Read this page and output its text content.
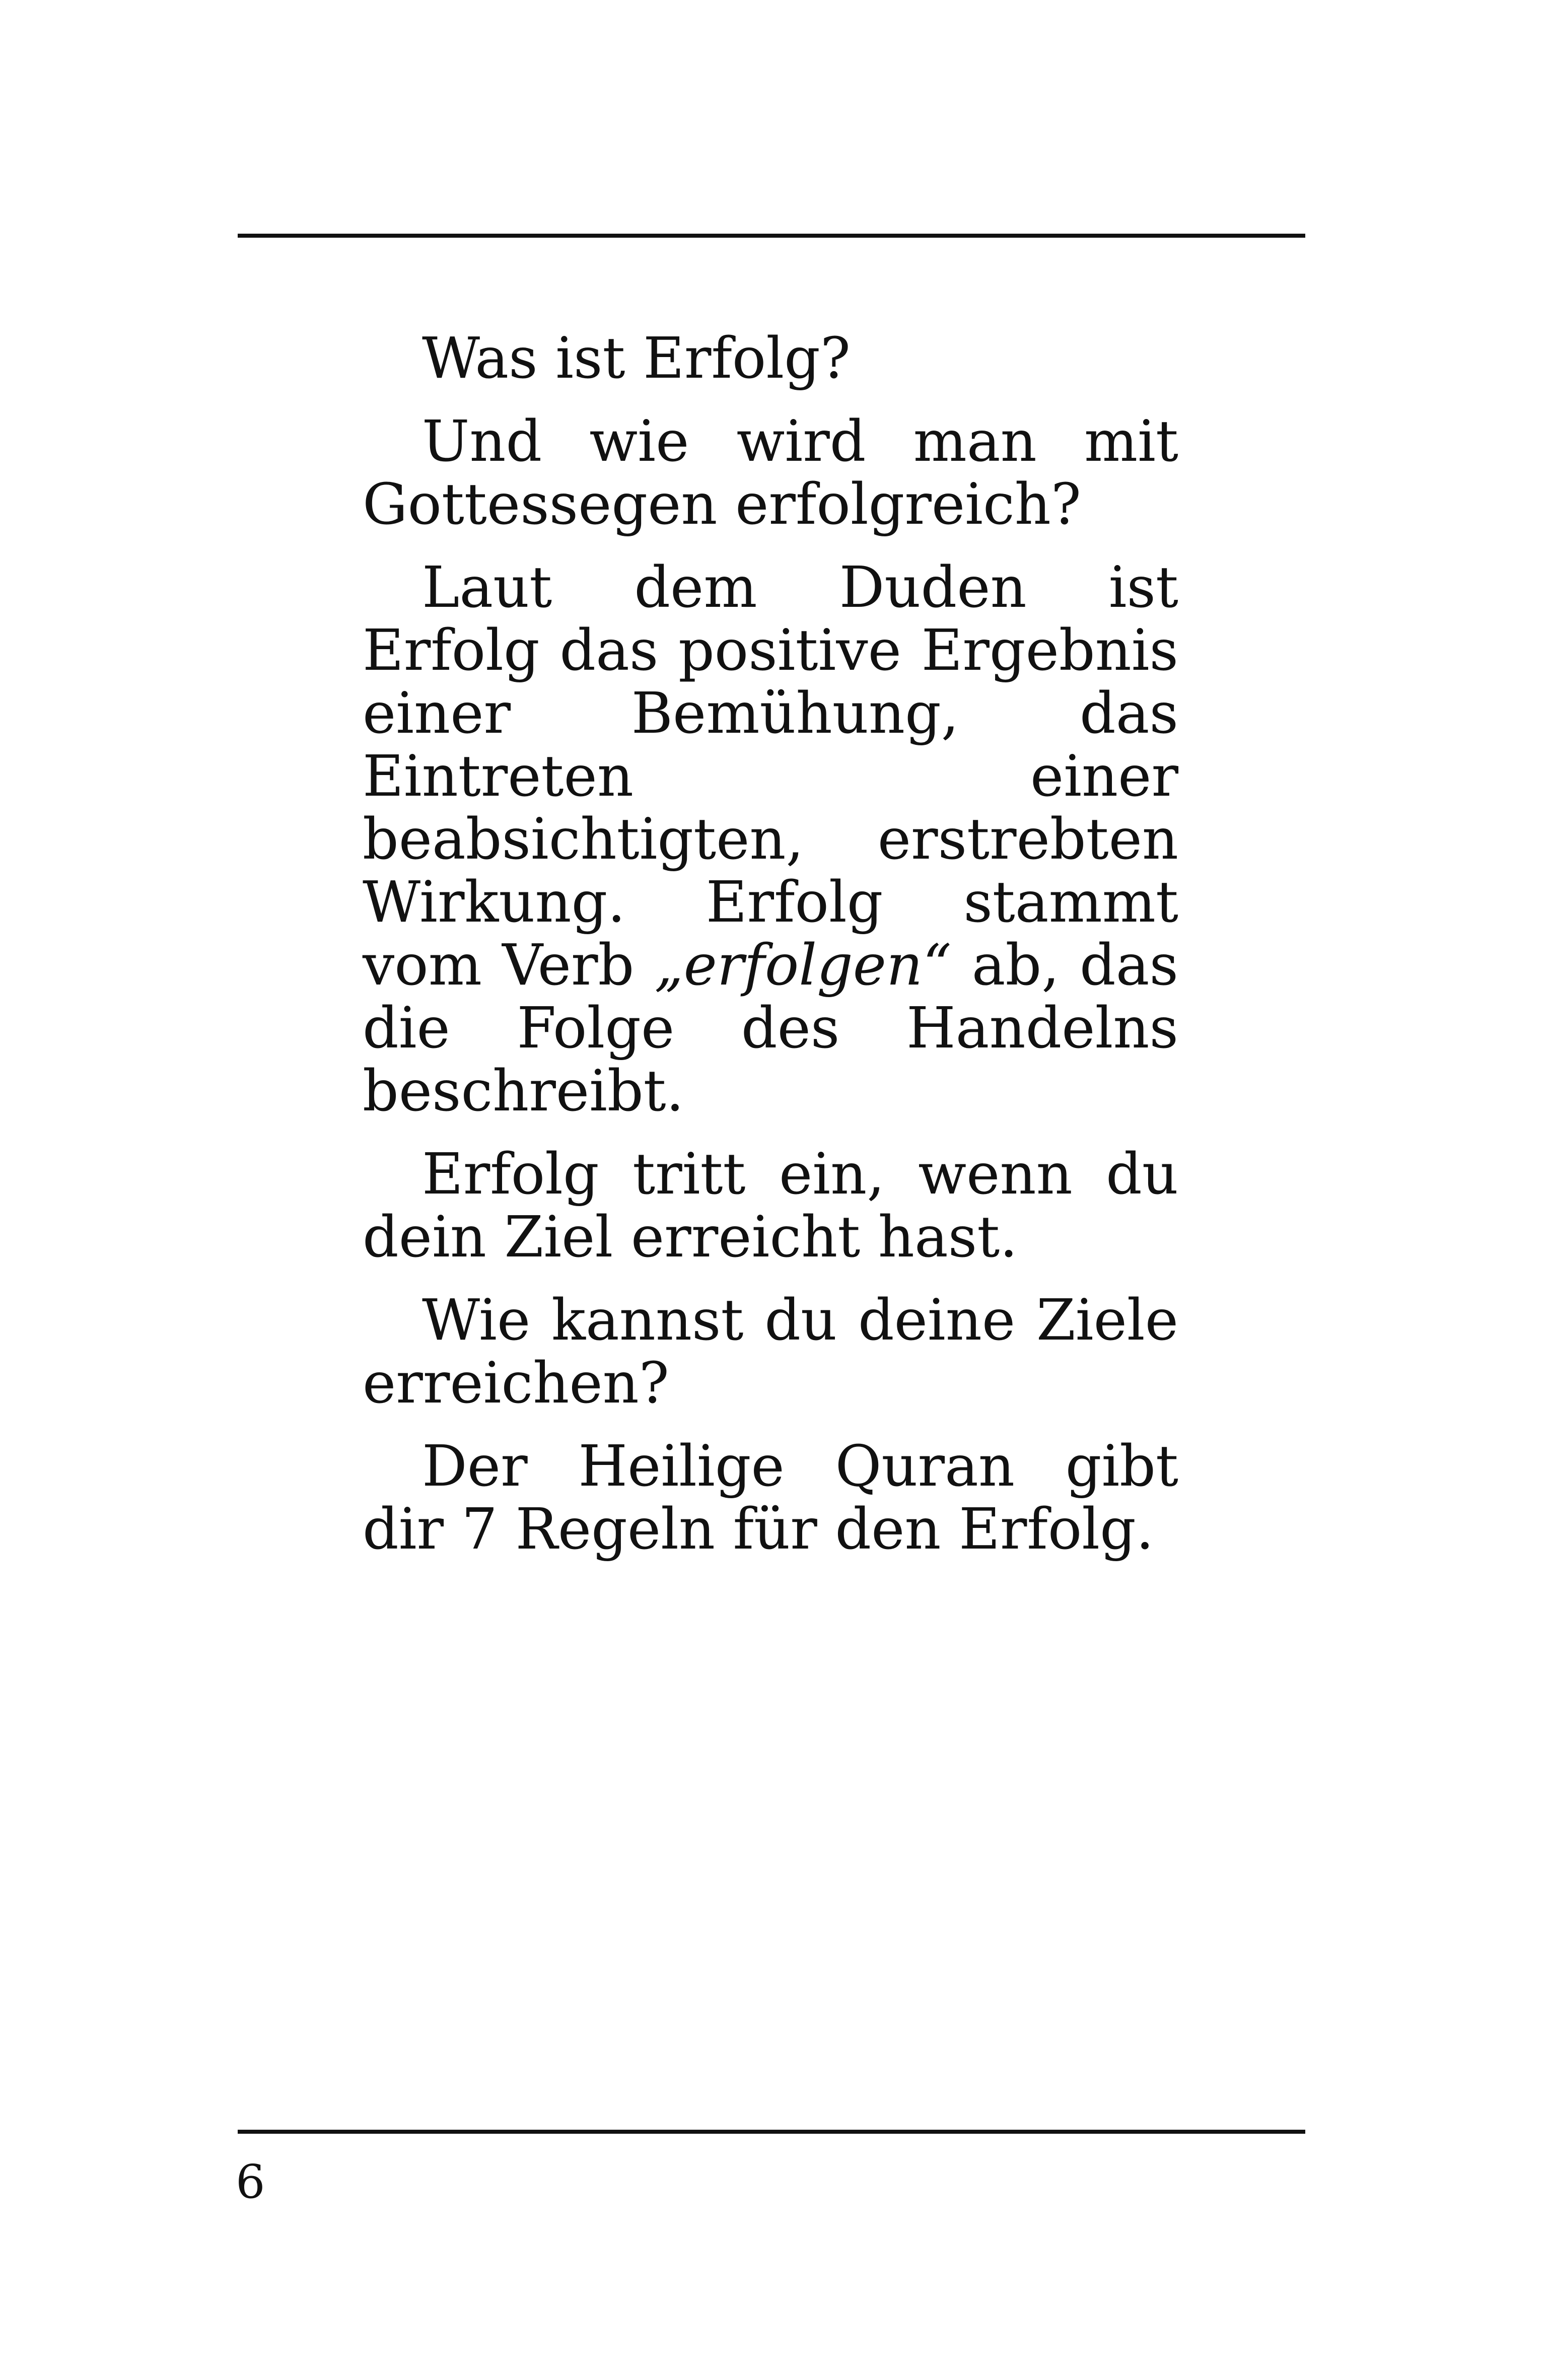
Was ist Erfolg?

Und wie wird man mit Gottessegen erfolgreich?

Laut dem Duden ist Erfolg das positive Ergebnis einer Bemühung, das Eintreten einer beabsichtigten, erstrebten Wirkung. Erfolg stammt vom Verb „erfolgen“ ab, das die Folge des Handelns beschreibt.

Erfolg tritt ein, wenn du dein Ziel erreicht hast.

Wie kannst du deine Ziele erreichen?

Der Heilige Quran gibt dir 7 Regeln für den Erfolg.

6
